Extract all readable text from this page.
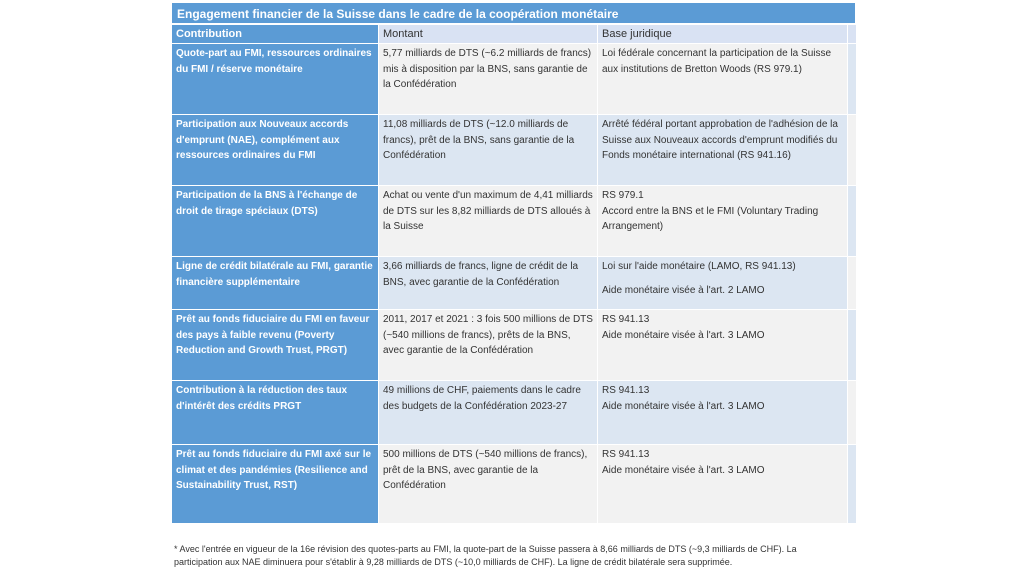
Engagement financier de la Suisse dans le cadre de la coopération monétaire
Contribution	Montant	Base juridique	
Quote-part au FMI, ressources ordinaires du FMI / réserve monétaire	5,77 milliards de DTS (~6.2 milliards de francs) mis à disposition par la BNS, sans garantie de la Confédération	Loi fédérale concernant la participation de la Suisse aux institutions de Bretton Woods (RS 979.1)	
Participation aux Nouveaux accords d'emprunt (NAE), complément aux ressources ordinaires du FMI	11,08 milliards de DTS (~12.0 milliards de francs), prêt de la BNS, sans garantie de la Confédération	Arrêté fédéral portant approbation de l'adhésion de la Suisse aux Nouveaux accords d'emprunt modifiés du Fonds monétaire international (RS 941.16)	
Participation de la BNS à l'échange de droit de tirage spéciaux (DTS)	Achat ou vente d'un maximum de 4,41 milliards de DTS sur les 8,82 milliards de DTS alloués à la Suisse	RS 979.1
Accord entre la BNS et le FMI (Voluntary Trading Arrangement)	
Ligne de crédit bilatérale au FMI, garantie financière supplémentaire	3,66 milliards de francs, ligne de crédit de la BNS, avec garantie de la Confédération	Loi sur l'aide monétaire (LAMO, RS 941.13)
Aide monétaire visée à l'art. 2 LAMO	
Prêt au fonds fiduciaire du FMI en faveur des pays à faible revenu (Poverty Reduction and Growth Trust, PRGT)	2011, 2017 et 2021 : 3 fois 500 millions de DTS (~540 millions de francs), prêts de la BNS, avec garantie de la Confédération	RS 941.13
Aide monétaire visée à l'art. 3 LAMO	
Contribution à la réduction des taux d'intérêt des crédits PRGT	49 millions de CHF, paiements dans le cadre des budgets de la Confédération 2023-27	RS 941.13
Aide monétaire visée à l'art. 3 LAMO	
Prêt au fonds fiduciaire du FMI axé sur le climat et des pandémies (Resilience and Sustainability Trust, RST)	500 millions de DTS (~540 millions de francs), prêt de la BNS, avec garantie de la Confédération	RS 941.13
Aide monétaire visée à l'art. 3 LAMO	
* Avec l'entrée en vigueur de la 16e révision des quotes-parts au FMI, la quote-part de la Suisse passera à 8,66 milliards de DTS (~9,3 milliards de CHF). La
participation aux NAE diminuera pour s'établir à 9,28 milliards de DTS (~10,0 milliards de CHF). La ligne de crédit bilatérale sera supprimée.
